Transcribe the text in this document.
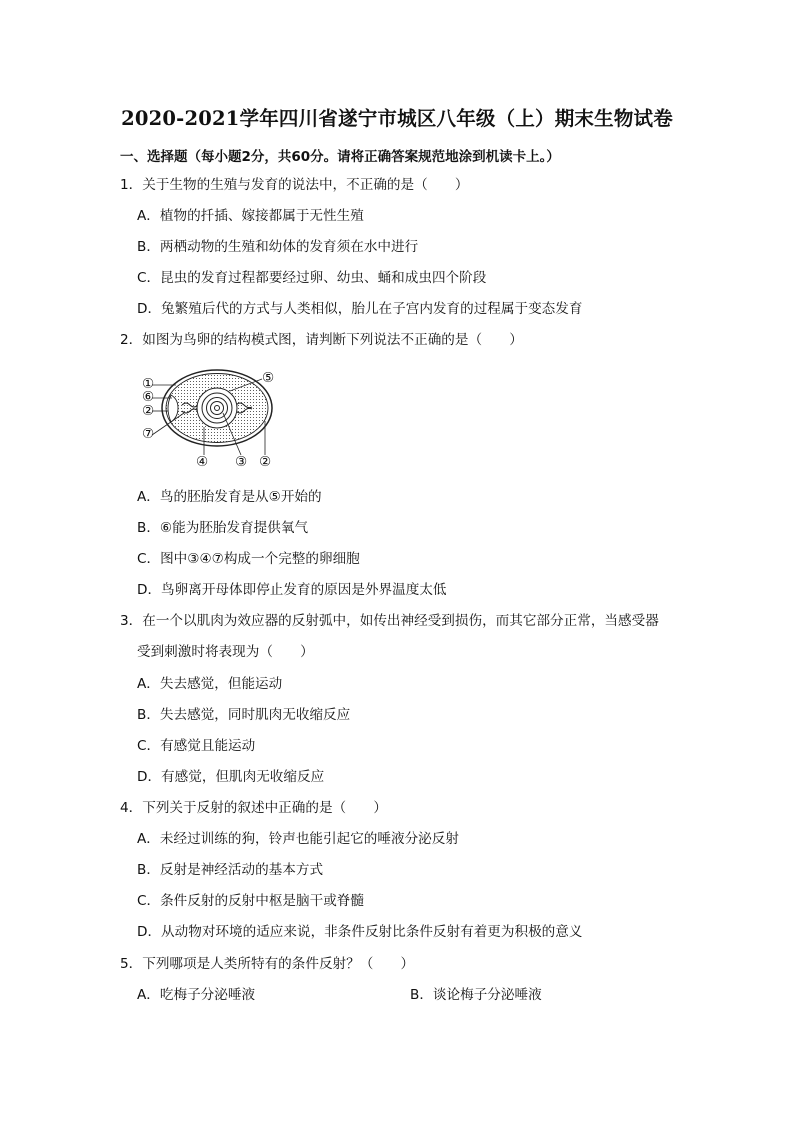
2020-2021学年四川省遂宁市城区八年级（上）期末生物试卷
一、选择题（每小题2分，共60分。请将正确答案规范地涂到机读卡上。）
1．关于生物的生殖与发育的说法中，不正确的是（　　）
A．植物的扦插、嫁接都属于无性生殖
B．两栖动物的生殖和幼体的发育须在水中进行
C．昆虫的发育过程都要经过卵、幼虫、蛹和成虫四个阶段
D．兔繁殖后代的方式与人类相似，胎儿在子宫内发育的过程属于变态发育
2．如图为鸟卵的结构模式图，请判断下列说法不正确的是（　　）
①
⑥
②
⑦
⑤
④ ③ ②
A．鸟的胚胎发育是从⑤开始的
B．⑥能为胚胎发育提供氧气
C．图中③④⑦构成一个完整的卵细胞
D．鸟卵离开母体即停止发育的原因是外界温度太低
3．在一个以肌肉为效应器的反射弧中，如传出神经受到损伤，而其它部分正常，当感受器
受到刺激时将表现为（　　）
A．失去感觉，但能运动
B．失去感觉，同时肌肉无收缩反应
C．有感觉且能运动
D．有感觉，但肌肉无收缩反应
4．下列关于反射的叙述中正确的是（　　）
A．未经过训练的狗，铃声也能引起它的唾液分泌反射
B．反射是神经活动的基本方式
C．条件反射的反射中枢是脑干或脊髓
D．从动物对环境的适应来说，非条件反射比条件反射有着更为积极的意义
5．下列哪项是人类所特有的条件反射？（　　）
A．吃梅子分泌唾液	B．谈论梅子分泌唾液
